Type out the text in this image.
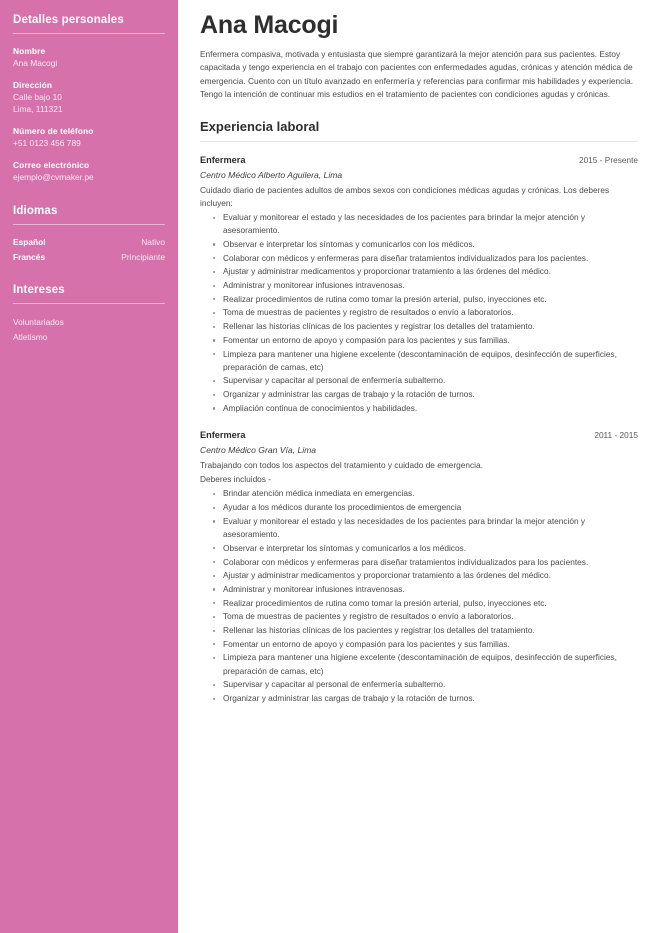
Detalles personales
Nombre
Ana Macogi
Dirección
Calle bajo 10
Lima, 111321
Número de teléfono
+51 0123 456 789
Correo electrónico
ejemplo@cvmaker.pe
Idiomas
Español	Nativo
Francés	Principiante
Intereses
Voluntariados
Atletismo
Ana Macogi

Enfermera compasiva, motivada y entusiasta que siempre garantizará la mejor atención para sus pacientes. Estoy capacitada y tengo experiencia en el trabajo con pacientes con enfermedades agudas, crónicas y atención médica de emergencia. Cuento con un título avanzado en enfermería y referencias para confirmar mis habilidades y experiencia. Tengo la intención de continuar mis estudios en el tratamiento de pacientes con condiciones agudas y crónicas.

Experiencia laboral
Enfermera	2015 - Presente
Centro Médico Alberto Aguilera, Lima
Cuidado diario de pacientes adultos de ambos sexos con condiciones médicas agudas y crónicas. Los deberes incluyen:
Evaluar y monitorear el estado y las necesidades de los pacientes para brindar la mejor atención y asesoramiento.
Observar e interpretar los síntomas y comunicarlos con los médicos.
Colaborar con médicos y enfermeras para diseñar tratamientos individualizados para los pacientes.
Ajustar y administrar medicamentos y proporcionar tratamiento a las órdenes del médico.
Administrar y monitorear infusiones intravenosas.
Realizar procedimientos de rutina como tomar la presión arterial, pulso, inyecciones etc.
Toma de muestras de pacientes y registro de resultados o envío a laboratorios.
Rellenar las historias clínicas de los pacientes y registrar los detalles del tratamiento.
Fomentar un entorno de apoyo y compasión para los pacientes y sus familias.
Limpieza para mantener una higiene excelente (descontaminación de equipos, desinfección de superficies, preparación de camas, etc)
Supervisar y capacitar al personal de enfermería subalterno.
Organizar y administrar las cargas de trabajo y la rotación de turnos.
Ampliación continua de conocimientos y habilidades.
Enfermera	2011 - 2015
Centro Médico Gran Vía, Lima
Trabajando con todos los aspectos del tratamiento y cuidado de emergencia.
Deberes incluidos -
Brindar atención médica inmediata en emergencias.
Ayudar a los médicos durante los procedimientos de emergencia
Evaluar y monitorear el estado y las necesidades de los pacientes para brindar la mejor atención y asesoramiento.
Observar e interpretar los síntomas y comunicarlos a los médicos.
Colaborar con médicos y enfermeras para diseñar tratamientos individualizados para los pacientes.
Ajustar y administrar medicamentos y proporcionar tratamiento a las órdenes del médico.
Administrar y monitorear infusiones intravenosas.
Realizar procedimientos de rutina como tomar la presión arterial, pulso, inyecciones etc.
Toma de muestras de pacientes y registro de resultados o envío a laboratorios.
Rellenar las historias clínicas de los pacientes y registrar los detalles del tratamiento.
Fomentar un entorno de apoyo y compasión para los pacientes y sus familias.
Limpieza para mantener una higiene excelente (descontaminación de equipos, desinfección de superficies, preparación de camas, etc)
Supervisar y capacitar al personal de enfermería subalterno.
Organizar y administrar las cargas de trabajo y la rotación de turnos.
